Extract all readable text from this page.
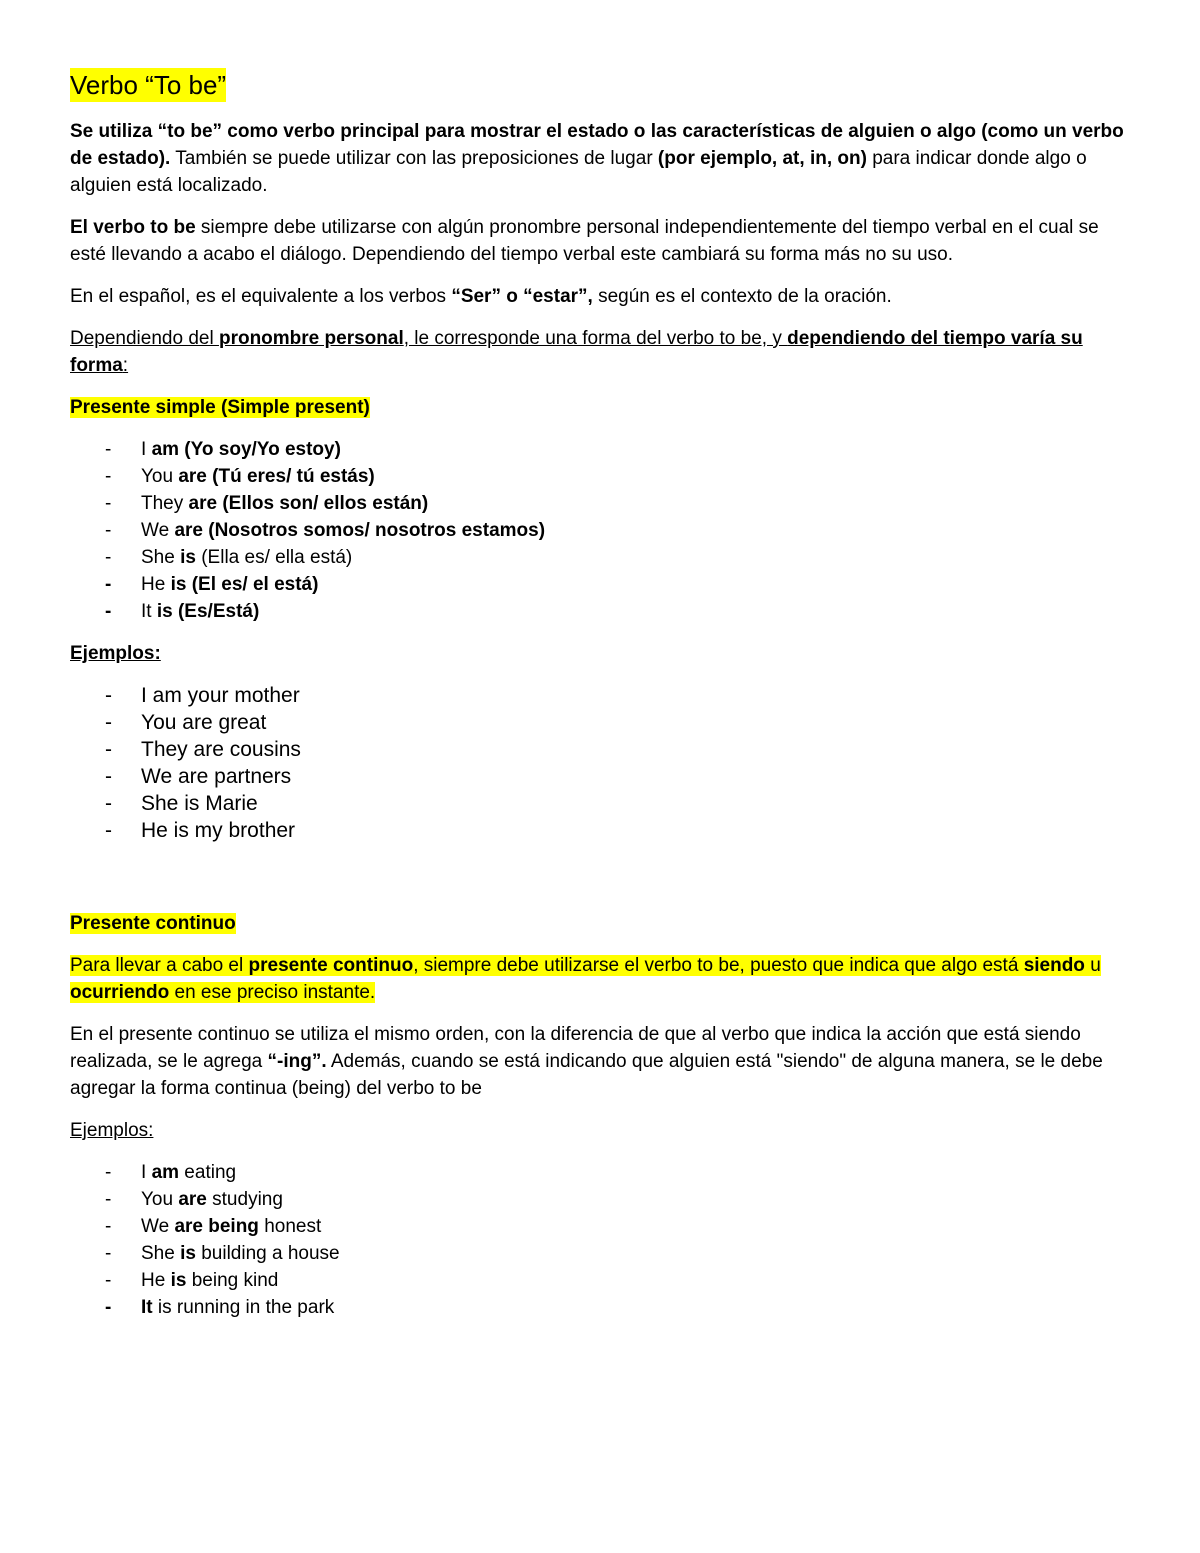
Verbo “To be”

Se utiliza “to be” como verbo principal para mostrar el estado o las características de alguien o algo (como un verbo de estado). También se puede utilizar con las preposiciones de lugar (por ejemplo, at, in, on) para indicar donde algo o alguien está localizado.

El verbo to be siempre debe utilizarse con algún pronombre personal independientemente del tiempo verbal en el cual se esté llevando a acabo el diálogo. Dependiendo del tiempo verbal este cambiará su forma más no su uso.

En el español, es el equivalente a los verbos “Ser” o “estar”, según es el contexto de la oración.

Dependiendo del pronombre personal, le corresponde una forma del verbo to be, y dependiendo del tiempo varía su forma:

Presente simple (Simple present)
- I am (Yo soy/Yo estoy)
- You are (Tú eres/ tú estás)
- They are (Ellos son/ ellos están)
- We are (Nosotros somos/ nosotros estamos)
- She is (Ella es/ ella está)
- He is (El es/ el está)
- It is (Es/Está)

Ejemplos:

- I am your mother
- You are great
- They are cousins
- We are partners
- She is Marie
- He is my brother
Presente continuo

Para llevar a cabo el presente continuo, siempre debe utilizarse el verbo to be, puesto que indica que algo está siendo u ocurriendo en ese preciso instante.

En el presente continuo se utiliza el mismo orden, con la diferencia de que al verbo que indica la acción que está siendo realizada, se le agrega “-ing”. Además, cuando se está indicando que alguien está "siendo" de alguna manera, se le debe agregar la forma continua (being) del verbo to be

Ejemplos:

- I am eating
- You are studying
- We are being honest
- She is building a house
- He is being kind
- It is running in the park
